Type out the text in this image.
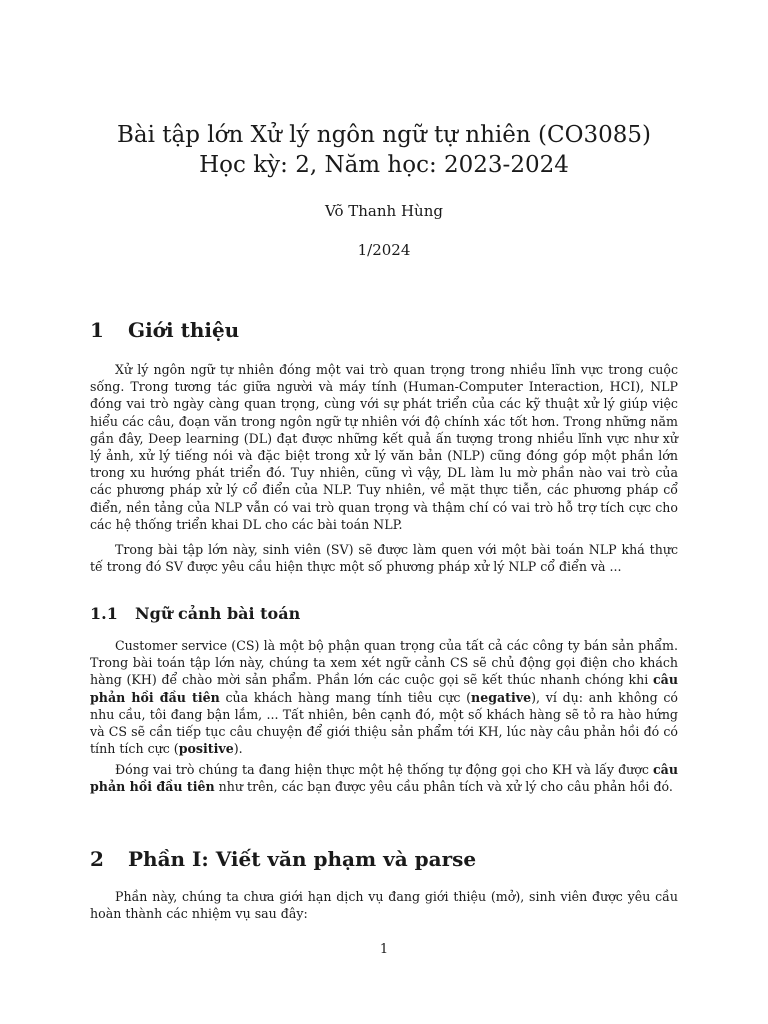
Bài tập lớn Xử lý ngôn ngữ tự nhiên (CO3085)

Học kỳ: 2, Năm học: 2023-2024

Võ Thanh Hùng
1/2024
1 Giới thiệu

Xử lý ngôn ngữ tự nhiên đóng một vai trò quan trọng trong nhiều lĩnh vực trong cuộc sống. Trong tương tác giữa người và máy tính (Human-Computer Interaction, HCI), NLP đóng vai trò ngày càng quan trọng, cùng với sự phát triển của các kỹ thuật xử lý giúp việc hiểu các câu, đoạn văn trong ngôn ngữ tự nhiên với độ chính xác tốt hơn. Trong những năm gần đây, Deep learning (DL) đạt được những kết quả ấn tượng trong nhiều lĩnh vực như xử lý ảnh, xử lý tiếng nói và đặc biệt trong xử lý văn bản (NLP) cũng đóng góp một phần lớn trong xu hướng phát triển đó. Tuy nhiên, cũng vì vậy, DL làm lu mờ phần nào vai trò của các phương pháp xử lý cổ điển của NLP. Tuy nhiên, về mặt thực tiễn, các phương pháp cổ điển, nền tảng của NLP vẫn có vai trò quan trọng và thậm chí có vai trò hỗ trợ tích cực cho các hệ thống triển khai DL cho các bài toán NLP.

Trong bài tập lớn này, sinh viên (SV) sẽ được làm quen với một bài toán NLP khá thực tế trong đó SV được yêu cầu hiện thực một số phương pháp xử lý NLP cổ điển và ...

1.1 Ngữ cảnh bài toán

Customer service (CS) là một bộ phận quan trọng của tất cả các công ty bán sản phẩm. Trong bài toán tập lớn này, chúng ta xem xét ngữ cảnh CS sẽ chủ động gọi điện cho khách hàng (KH) để chào mời sản phẩm. Phần lớn các cuộc gọi sẽ kết thúc nhanh chóng khi câu phản hồi đầu tiên của khách hàng mang tính tiêu cực (negative), ví dụ: anh không có nhu cầu, tôi đang bận lắm, ... Tất nhiên, bên cạnh đó, một số khách hàng sẽ tỏ ra hào hứng và CS sẽ cần tiếp tục câu chuyện để giới thiệu sản phẩm tới KH, lúc này câu phản hồi đó có tính tích cực (positive).

Đóng vai trò chúng ta đang hiện thực một hệ thống tự động gọi cho KH và lấy được câu phản hồi đầu tiên như trên, các bạn được yêu cầu phân tích và xử lý cho câu phản hồi đó.

2 Phần I: Viết văn phạm và parse

Phần này, chúng ta chưa giới hạn dịch vụ đang giới thiệu (mở), sinh viên được yêu cầu hoàn thành các nhiệm vụ sau đây:

1
